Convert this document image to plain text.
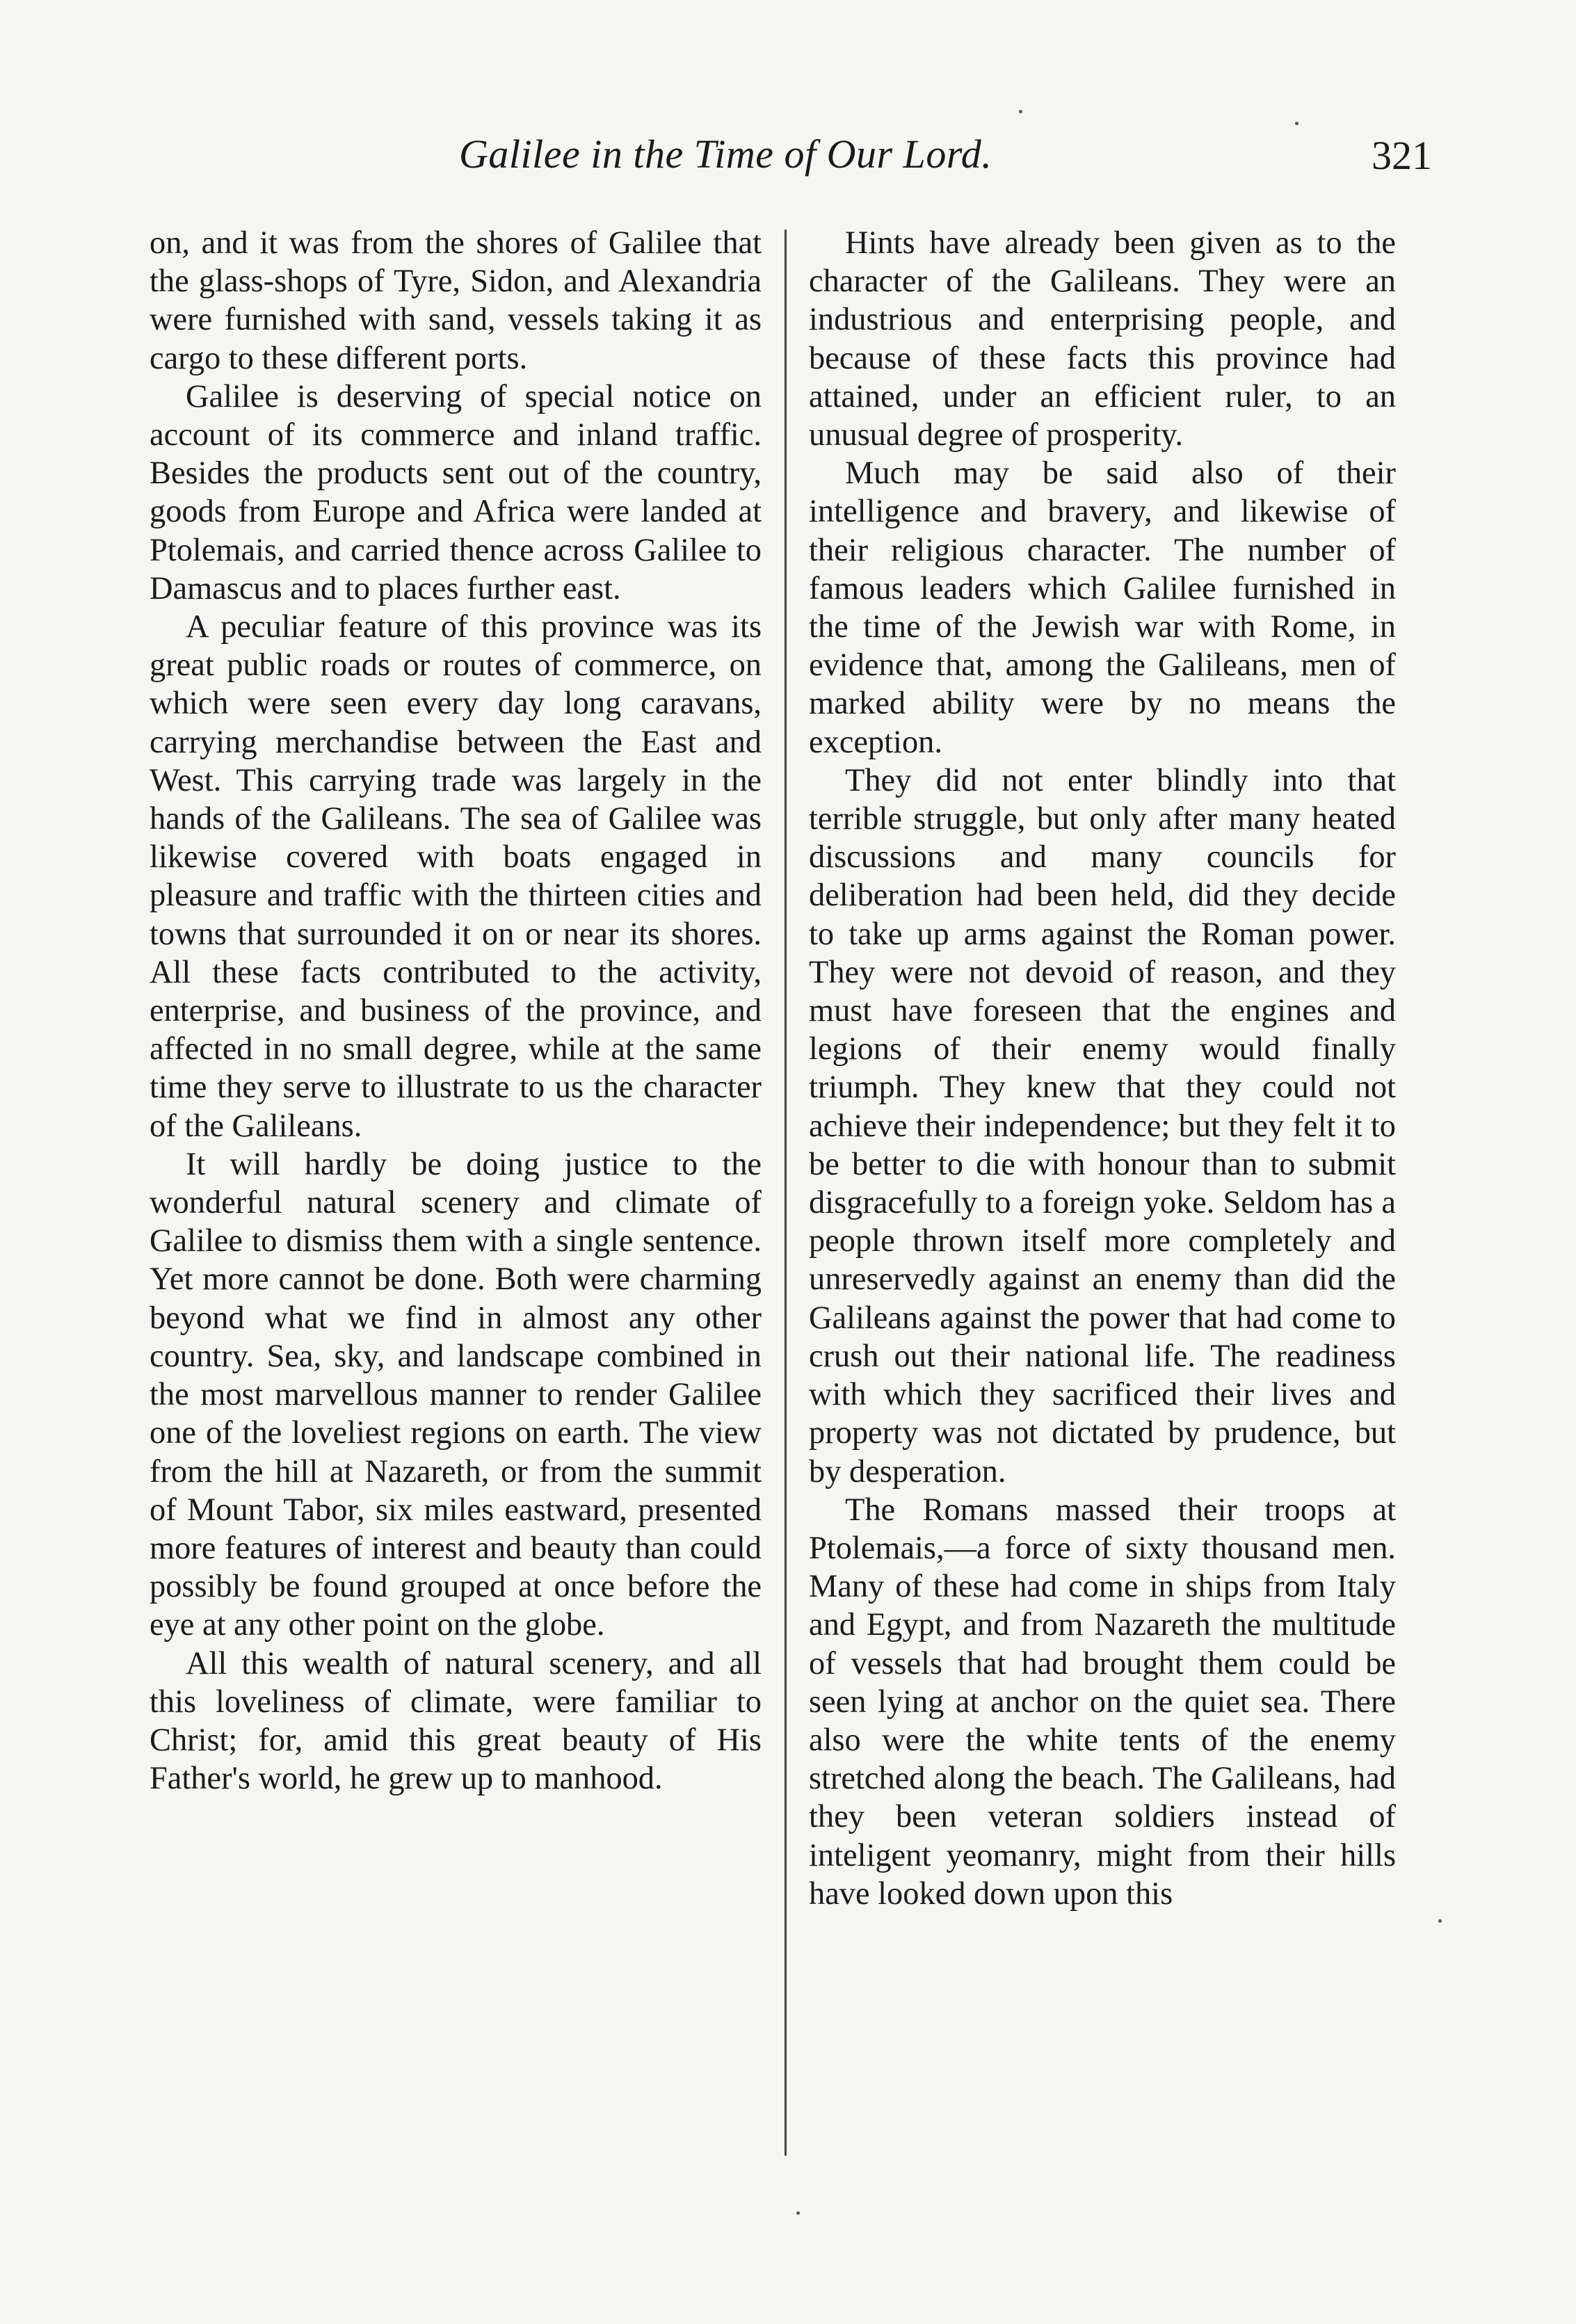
Galilee in the Time of Our Lord.	321

on, and it was from the shores of Galilee that the glass-shops of Tyre, Sidon, and Alexandria were furnished with sand, vessels taking it as cargo to these different ports.

Galilee is deserving of special notice on account of its commerce and inland traffic. Besides the products sent out of the country, goods from Europe and Africa were landed at Ptolemais, and carried thence across Galilee to Damascus and to places further east.

A peculiar feature of this province was its great public roads or routes of commerce, on which were seen every day long caravans, carrying merchandise between the East and West. This carrying trade was largely in the hands of the Galileans. The sea of Galilee was likewise covered with boats engaged in pleasure and traffic with the thirteen cities and towns that surrounded it on or near its shores. All these facts contributed to the activity, enterprise, and business of the province, and affected in no small degree, while at the same time they serve to illustrate to us the character of the Galileans.

It will hardly be doing justice to the wonderful natural scenery and climate of Galilee to dismiss them with a single sentence. Yet more cannot be done. Both were charming beyond what we find in almost any other country. Sea, sky, and landscape combined in the most marvellous manner to render Galilee one of the loveliest regions on earth. The view from the hill at Nazareth, or from the summit of Mount Tabor, six miles eastward, presented more features of interest and beauty than could possibly be found grouped at once before the eye at any other point on the globe.

All this wealth of natural scenery, and all this loveliness of climate, were familiar to Christ; for, amid this great beauty of His Father's world, he grew up to manhood.

Hints have already been given as to the character of the Galileans. They were an industrious and enterprising people, and because of these facts this province had attained, under an efficient ruler, to an unusual degree of prosperity.

Much may be said also of their intelligence and bravery, and likewise of their religious character. The number of famous leaders which Galilee furnished in the time of the Jewish war with Rome, in evidence that, among the Galileans, men of marked ability were by no means the exception.

They did not enter blindly into that terrible struggle, but only after many heated discussions and many councils for deliberation had been held, did they decide to take up arms against the Roman power. They were not devoid of reason, and they must have foreseen that the engines and legions of their enemy would finally triumph. They knew that they could not achieve their independence; but they felt it to be better to die with honour than to submit disgracefully to a foreign yoke. Seldom has a people thrown itself more completely and unreservedly against an enemy than did the Galileans against the power that had come to crush out their national life. The readiness with which they sacrificed their lives and property was not dictated by prudence, but by desperation.

The Romans massed their troops at Ptolemais,—a force of sixty thousand men. Many of these had come in ships from Italy and Egypt, and from Nazareth the multitude of vessels that had brought them could be seen lying at anchor on the quiet sea. There also were the white tents of the enemy stretched along the beach. The Galileans, had they been veteran soldiers instead of inteligent yeomanry, might from their hills have looked down upon this
